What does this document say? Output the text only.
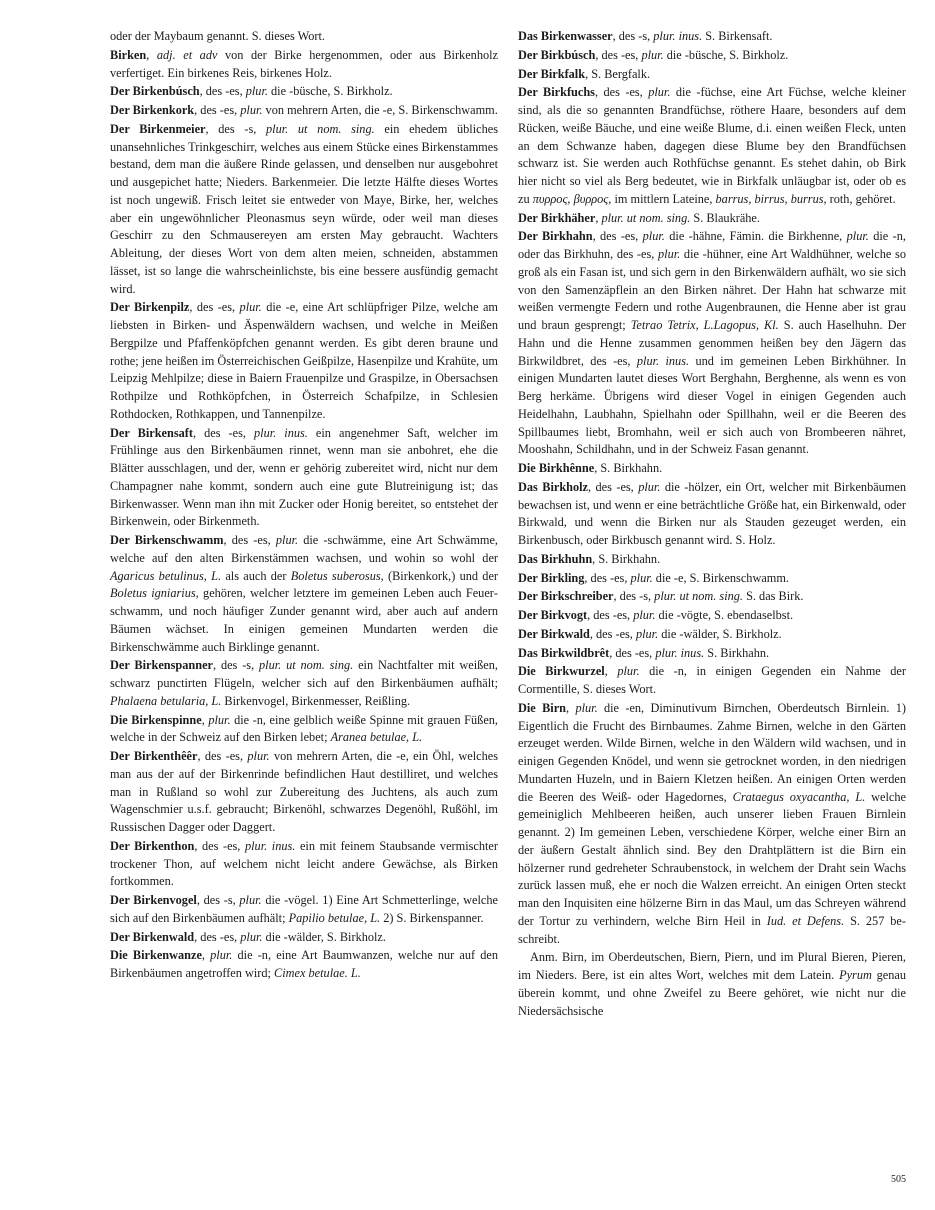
oder der Maybaum genannt. S. dieses Wort.

Birken, adj. et adv von der Birke hergenommen, oder aus Birkenholz verfertiget. Ein birkenes Reis, birkenes Holz.

Der Birkenbúsch, des -es, plur. die -büsche, S. Birkholz.

Der Birkenkork, des -es, plur. von mehrern Arten, die -e, S. Birkenschwamm.

Der Birkenmeier, des -s, plur. ut nom. sing. ein ehedem übliches unansehnliches Trinkgeschirr, welches aus einem Stücke eines Birkenstammes bestand, dem man die äußere Rinde gelassen, und denselben nur ausgebohret und ausgepichet hatte; Nieders. Barkenmeier. Die letzte Hälfte dieses Wortes ist noch ungewiß. Frisch leitet sie entweder von Maye, Birke, her, welches aber ein ungewöhnlicher Pleonasmus seyn würde, oder weil man dieses Geschirr zu den Schmausereyen am ersten May gebraucht. Wachters Ableitung, der dieses Wort von dem alten meien, schneiden, abstammen lässet, ist so lange die wahrscheinlichste, bis eine bessere ausfündig gemacht wird.

Der Birkenpilz, des -es, plur. die -e, eine Art schlüpfriger Pilze, welche am liebsten in Birken- und Äspenwäldern wachsen, und welche in Meißen Bergpilze und Pfaffenköpfchen genannt werden. Es gibt deren braune und rothe; jene heißen im Österreichischen Geißpilze, Hasenpilze und Krahüte, um Leipzig Mehlpilze; diese in Baiern Frauenpilze und Graspilze, in Obersachsen Rothpilze und Rothköpfchen, in Österreich Schafpilze, in Schlesien Rothdocken, Rothkappen, und Tannenpilze.

Der Birkensaft, des -es, plur. inus. ein angenehmer Saft, welcher im Frühlinge aus den Birkenbäumen rinnet, wenn man sie anbohret, ehe die Blätter ausschlagen, und der, wenn er gehörig zubereitet wird, nicht nur dem Champagner nahe kommt, sondern auch eine gute Blutreinigung ist; das Birkenwasser. Wenn man ihn mit Zucker oder Honig bereitet, so entstehet der Birkenwein, oder Birkenmeth.

Der Birkenschwamm, des -es, plur. die -schwämme, eine Art Schwämme, welche auf den alten Birkenstämmen wachsen, und wohin so wohl der Agaricus betulinus, L. als auch der Boletus suberosus, (Birkenkork,) und der Boletus igniarius, gehören, welcher letztere im gemeinen Leben auch Feuerschwamm, und noch häufiger Zunder genannt wird, aber auch auf andern Bäumen wächset. In einigen gemeinen Mundarten werden die Birkenschwämme auch Birklinge genannt.

Der Birkenspanner, des -s, plur. ut nom. sing. ein Nachtfalter mit weißen, schwarz punctirten Flügeln, welcher sich auf den Birkenbäumen aufhält; Phalaena betularia, L. Birkenvogel, Birkenmesser, Reißling.

Die Birkenspinne, plur. die -n, eine gelblich weiße Spinne mit grauen Füßen, welche in der Schweiz auf den Birken lebet; Aranea betulae, L.

Der Birkenthêêr, des -es, plur. von mehrern Arten, die -e, ein Öhl, welches man aus der auf der Birkenrinde befindlichen Haut destilliret, und welches man in Rußland so wohl zur Zubereitung des Juchtens, als auch zum Wagenschmier u.s.f. gebraucht; Birkenöhl, schwarzes Degenöhl, Rußöhl, im Russischen Dagger oder Daggert.

Der Birkenthon, des -es, plur. inus. ein mit feinem Staubsande vermischter trockener Thon, auf welchem nicht leicht andere Gewächse, als Birken fortkommen.

Der Birkenvogel, des -s, plur. die -vögel. 1) Eine Art Schmetterlinge, welche sich auf den Birkenbäumen aufhält; Papilio betulae, L. 2) S. Birkenspanner.

Der Birkenwald, des -es, plur. die -wälder, S. Birkholz.

Die Birkenwanze, plur. die -n, eine Art Baumwanzen, welche nur auf den Birkenbäumen angetroffen wird; Cimex betulae. L.

Das Birkenwasser, des -s, plur. inus. S. Birkensaft.

Der Birkbúsch, des -es, plur. die -büsche, S. Birkholz.

Der Birkfalk, S. Bergfalk.

Der Birkfuchs, des -es, plur. die -füchse, eine Art Füchse, welche kleiner sind, als die so genannten Brandfüchse, röthere Haare, besonders auf dem Rücken, weiße Bäuche, und eine weiße Blume, d.i. einen weißen Fleck, unten an dem Schwanze haben, dagegen diese Blume bey den Brandfüchsen schwarz ist. Sie werden auch Rothfüchse genannt. Es stehet dahin, ob Birk hier nicht so viel als Berg bedeutet, wie in Birkfalk unläugbar ist, oder ob es zu πυρρος, βυρρος, im mittlern Lateine, barrus, birrus, burrus, roth, gehöret.

Der Birkhäher, plur. ut nom. sing. S. Blaukrähe.

Der Birkhahn, des -es, plur. die -hähne, Fämin. die Birkhenne, plur. die -n, oder das Birkhuhn, des -es, plur. die -hühner, eine Art Waldhühner, welche so groß als ein Fasan ist, und sich gern in den Birkenwäldern aufhält, wo sie sich von den Samenzäpflein an den Birken nähret. Der Hahn hat schwarze mit weißen vermengte Federn und rothe Augenbraunen, die Henne aber ist grau und braun gesprengt; Tetrao Tetrix, L.Lagopus, Kl. S. auch Haselhuhn. Der Hahn und die Henne zusammen genommen heißen bey den Jägern das Birkwildbret, des -es, plur. inus. und im gemeinen Leben Birkhühner. In einigen Mundarten lautet dieses Wort Berghahn, Berghenne, als wenn es von Berg herkäme. Übrigens wird dieser Vogel in einigen Gegenden auch Heidelhahn, Laubhahn, Spielhahn oder Spillhahn, weil er die Beeren des Spillbaumes liebt, Bromhahn, weil er sich auch von Brombeeren nähret, Mooshahn, Schildhahn, und in der Schweiz Fasan genannt.

Die Birkhênne, S. Birkhahn.

Das Birkholz, des -es, plur. die -hölzer, ein Ort, welcher mit Birkenbäumen bewachsen ist, und wenn er eine beträchtliche Größe hat, ein Birkenwald, oder Birkwald, und wenn die Birken nur als Stauden gezeuget werden, ein Birkenbusch, oder Birkbusch genannt wird. S. Holz.

Das Birkhuhn, S. Birkhahn.

Der Birkling, des -es, plur. die -e, S. Birkenschwamm.

Der Birkschreiber, des -s, plur. ut nom. sing. S. das Birk.

Der Birkvogt, des -es, plur. die -vögte, S. ebendaselbst.

Der Birkwald, des -es, plur. die -wälder, S. Birkholz.

Das Birkwildbrêt, des -es, plur. inus. S. Birkhahn.

Die Birkwurzel, plur. die -n, in einigen Gegenden ein Nahme der Cormentille, S. dieses Wort.

Die Birn, plur. die -en, Diminutivum Birnchen, Oberdeutsch Birnlein. 1) Eigentlich die Frucht des Birnbaumes. Zahme Birnen, welche in den Gärten erzeuget werden. Wilde Birnen, welche in den Wäldern wild wachsen, und in einigen Gegenden Knödel, und wenn sie getrocknet worden, in den niedrigen Mundarten Huzeln, und in Baiern Kletzen heißen. An einigen Orten werden die Beeren des Weiß- oder Hagedornes, Crataegus oxyacantha, L. welche gemeiniglich Mehlbeeren heißen, auch unserer lieben Frauen Birnlein genannt. 2) Im gemeinen Leben, verschiedene Körper, welche einer Birn an der äußern Gestalt ähnlich sind. Bey den Drahtplättern ist die Birn ein hölzerner rund gedreheter Schraubenstock, in welchem der Draht sein Wachs zurück lassen muß, ehe er noch die Walzen erreicht. An einigen Orten steckt man den Inquisiten eine hölzerne Birn in das Maul, um das Schreyen während der Tortur zu verhindern, welche Birn Heil in Iud. et Defens. S. 257 beschreibt.

Anm. Birn, im Oberdeutschen, Biern, Piern, und im Plural Bieren, Pieren, im Nieders. Bere, ist ein altes Wort, welches mit dem Latein. Pyrum genau überein kommt, und ohne Zweifel zu Beere gehöret, wie nicht nur die Niedersächsische

505
